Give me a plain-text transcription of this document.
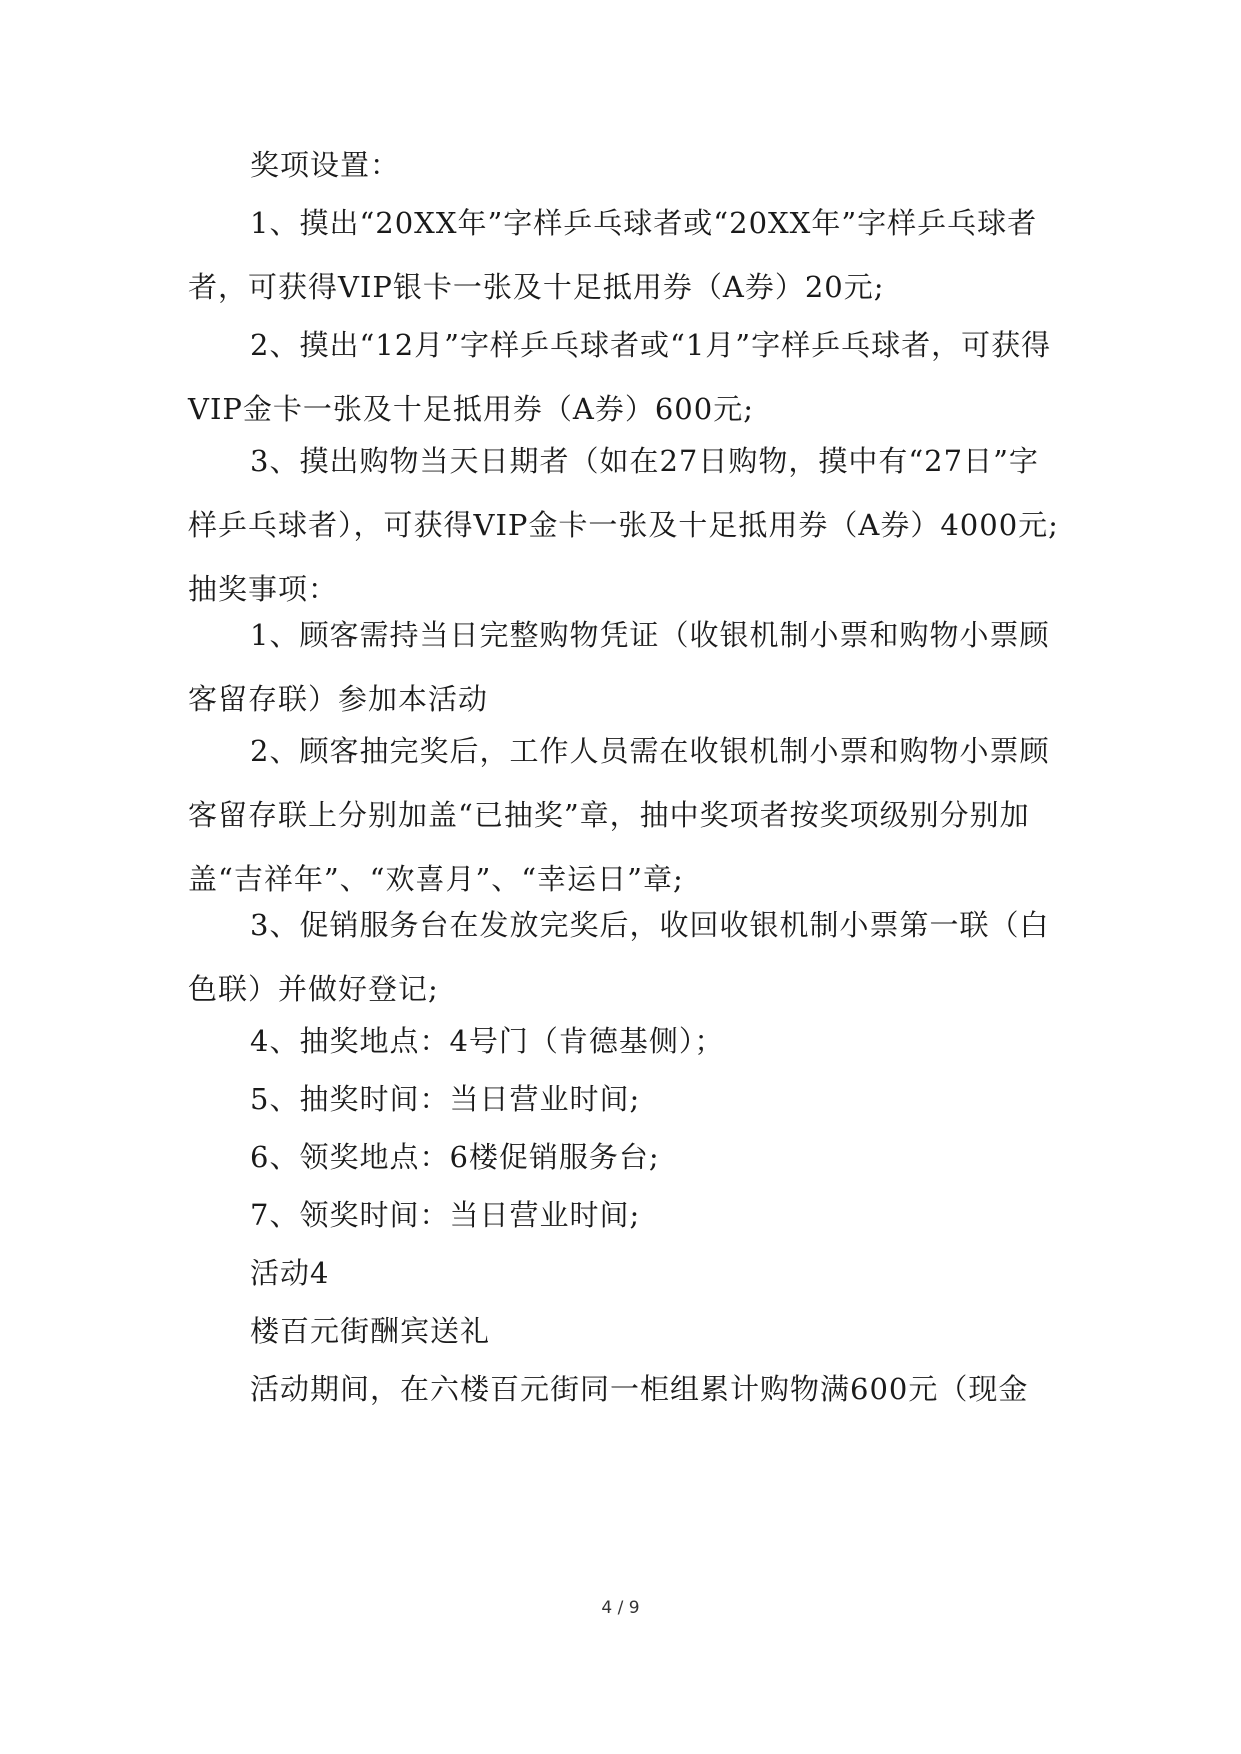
奖项设置：

1、摸出“20XX年”字样乒乓球者或“20XX年”字样乒乓球者者，可获得VIP银卡一张及十足抵用券（A券）20元;

2、摸出“12月”字样乒乓球者或“1月”字样乒乓球者，可获得VIP金卡一张及十足抵用券（A券）600元;

3、摸出购物当天日期者（如在27日购物，摸中有“27日”字样乒乓球者），可获得VIP金卡一张及十足抵用券（A券）4000元;抽奖事项：

1、顾客需持当日完整购物凭证（收银机制小票和购物小票顾客留存联）参加本活动

2、顾客抽完奖后，工作人员需在收银机制小票和购物小票顾客留存联上分别加盖“已抽奖”章，抽中奖项者按奖项级别分别加盖“吉祥年”、“欢喜月”、“幸运日”章;

3、促销服务台在发放完奖后，收回收银机制小票第一联（白色联）并做好登记;

4、抽奖地点：4号门（肯德基侧）；

5、抽奖时间：当日营业时间;

6、领奖地点：6楼促销服务台;

7、领奖时间：当日营业时间;

活动4

楼百元街酬宾送礼

活动期间，在六楼百元街同一柜组累计购物满600元（现金

4 / 9
